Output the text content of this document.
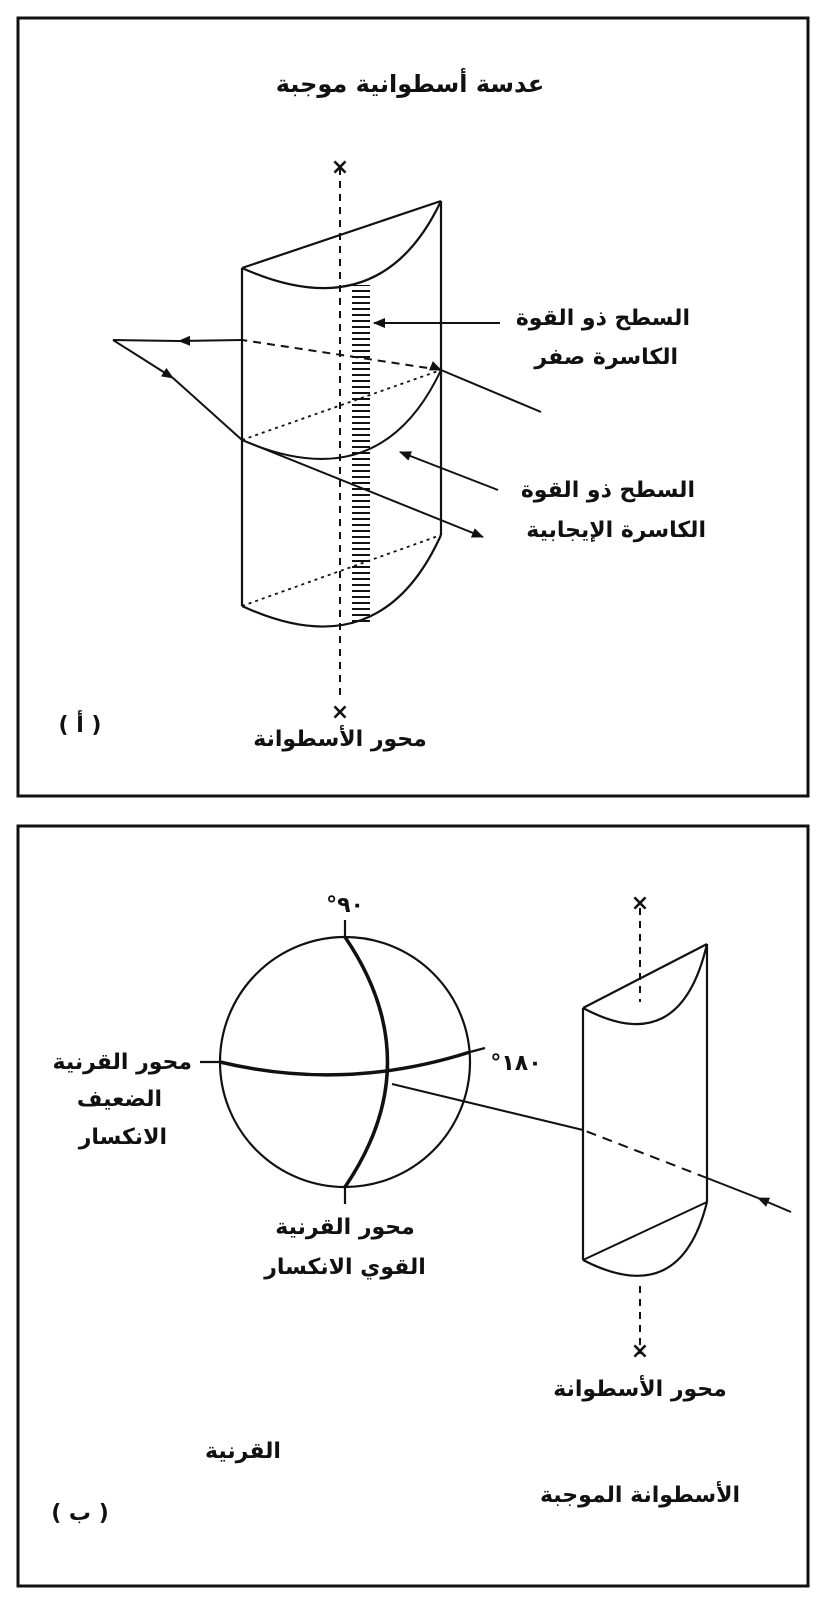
×
×
عدسة أسطوانية موجبة
السطح ذو القوة
الكاسرة صفر
السطح ذو القوة
الكاسرة الإيجابية
محور الأسطوانة
( أ )
×
×
°٩٠
°١٨٠
محور القرنية
الضعيف
الانكسار
محور القرنية
القوي الانكسار
محور الأسطوانة
القرنية
الأسطوانة الموجبة
( ب )
